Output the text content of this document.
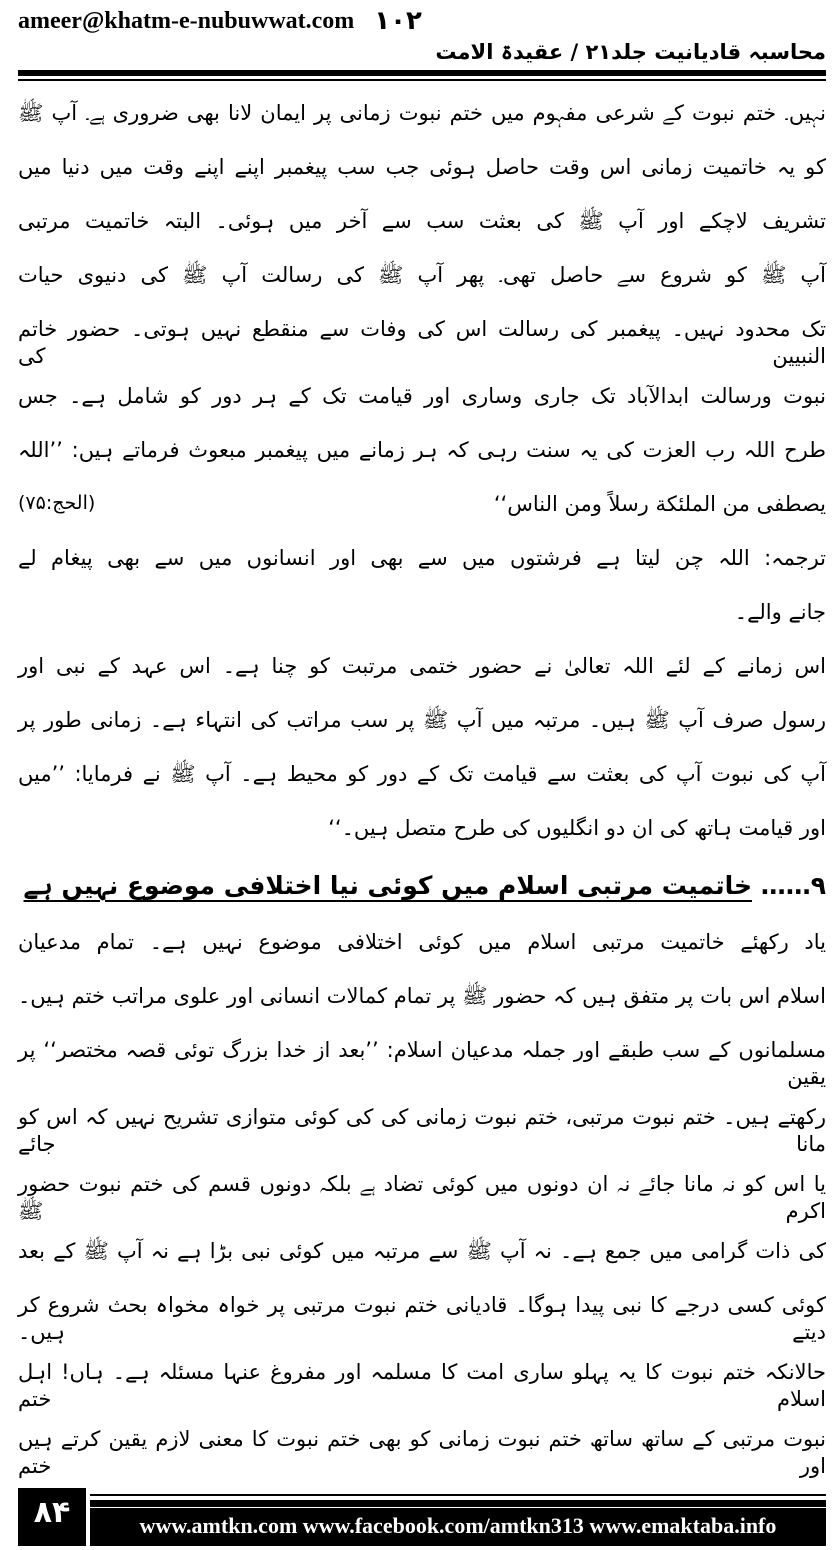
ameer@khatm-e-nubuwwat.com ۱۰۲
محاسبہ قادیانیت جلد۲۱ / عقیدۃ الامت
نہیں۔ ختم نبوت کے شرعی مفہوم میں ختم نبوت زمانی پر ایمان لانا بھی ضروری ہے۔ آپ ﷺ
کو یہ خاتمیت زمانی اس وقت حاصل ہوئی جب سب پیغمبر اپنے اپنے وقت میں دنیا میں
تشریف لاچکے اور آپ ﷺ کی بعثت سب سے آخر میں ہوئی۔ البتہ خاتمیت مرتبی
آپ ﷺ کو شروع سے حاصل تھی۔ پھر آپ ﷺ کی رسالت آپ ﷺ کی دنیوی حیات
تک محدود نہیں۔ پیغمبر کی رسالت اس کی وفات سے منقطع نہیں ہوتی۔ حضور خاتم النبیین کی
نبوت ورسالت ابدالآباد تک جاری وساری اور قیامت تک کے ہر دور کو شامل ہے۔ جس
طرح اللہ رب العزت کی یہ سنت رہی کہ ہر زمانے میں پیغمبر مبعوث فرماتے ہیں: ’’اللہ
یصطفی من الملئکة رسلاً ومن الناس‘‘
(الحج:۷۵)
ترجمہ: اللہ چن لیتا ہے فرشتوں میں سے بھی اور انسانوں میں سے بھی پیغام لے
جانے والے۔
اس زمانے کے لئے اللہ تعالیٰ نے حضور ختمی مرتبت کو چنا ہے۔ اس عہد کے نبی اور
رسول صرف آپ ﷺ ہیں۔ مرتبہ میں آپ ﷺ پر سب مراتب کی انتہاء ہے۔ زمانی طور پر
آپ کی نبوت آپ کی بعثت سے قیامت تک کے دور کو محیط ہے۔ آپ ﷺ نے فرمایا: ’’میں
اور قیامت ہاتھ کی ان دو انگلیوں کی طرح متصل ہیں۔‘‘
۹…… خاتمیت مرتبی اسلام میں کوئی نیا اختلافی موضوع نہیں ہے
یاد رکھئے خاتمیت مرتبی اسلام میں کوئی اختلافی موضوع نہیں ہے۔ تمام مدعیان
اسلام اس بات پر متفق ہیں کہ حضور ﷺ پر تمام کمالات انسانی اور علوی مراتب ختم ہیں۔
مسلمانوں کے سب طبقے اور جملہ مدعیان اسلام: ’’بعد از خدا بزرگ توئی قصہ مختصر‘‘ پر یقین
رکھتے ہیں۔ ختم نبوت مرتبی، ختم نبوت زمانی کی کی کوئی متوازی تشریح نہیں کہ اس کو مانا جائے
یا اس کو نہ مانا جائے نہ ان دونوں میں کوئی تضاد ہے بلکہ دونوں قسم کی ختم نبوت حضور اکرم ﷺ
کی ذات گرامی میں جمع ہے۔ نہ آپ ﷺ سے مرتبہ میں کوئی نبی بڑا ہے نہ آپ ﷺ کے بعد
کوئی کسی درجے کا نبی پیدا ہوگا۔ قادیانی ختم نبوت مرتبی پر خواہ مخواہ بحث شروع کر دیتے ہیں۔
حالانکہ ختم نبوت کا یہ پہلو ساری امت کا مسلمہ اور مفروغ عنہا مسئلہ ہے۔ ہاں! اہل اسلام ختم
نبوت مرتبی کے ساتھ ساتھ ختم نبوت زمانی کو بھی ختم نبوت کا معنی لازم یقین کرتے ہیں اور ختم
۸۴	www.amtkn.com www.facebook.com/amtkn313 www.emaktaba.info
